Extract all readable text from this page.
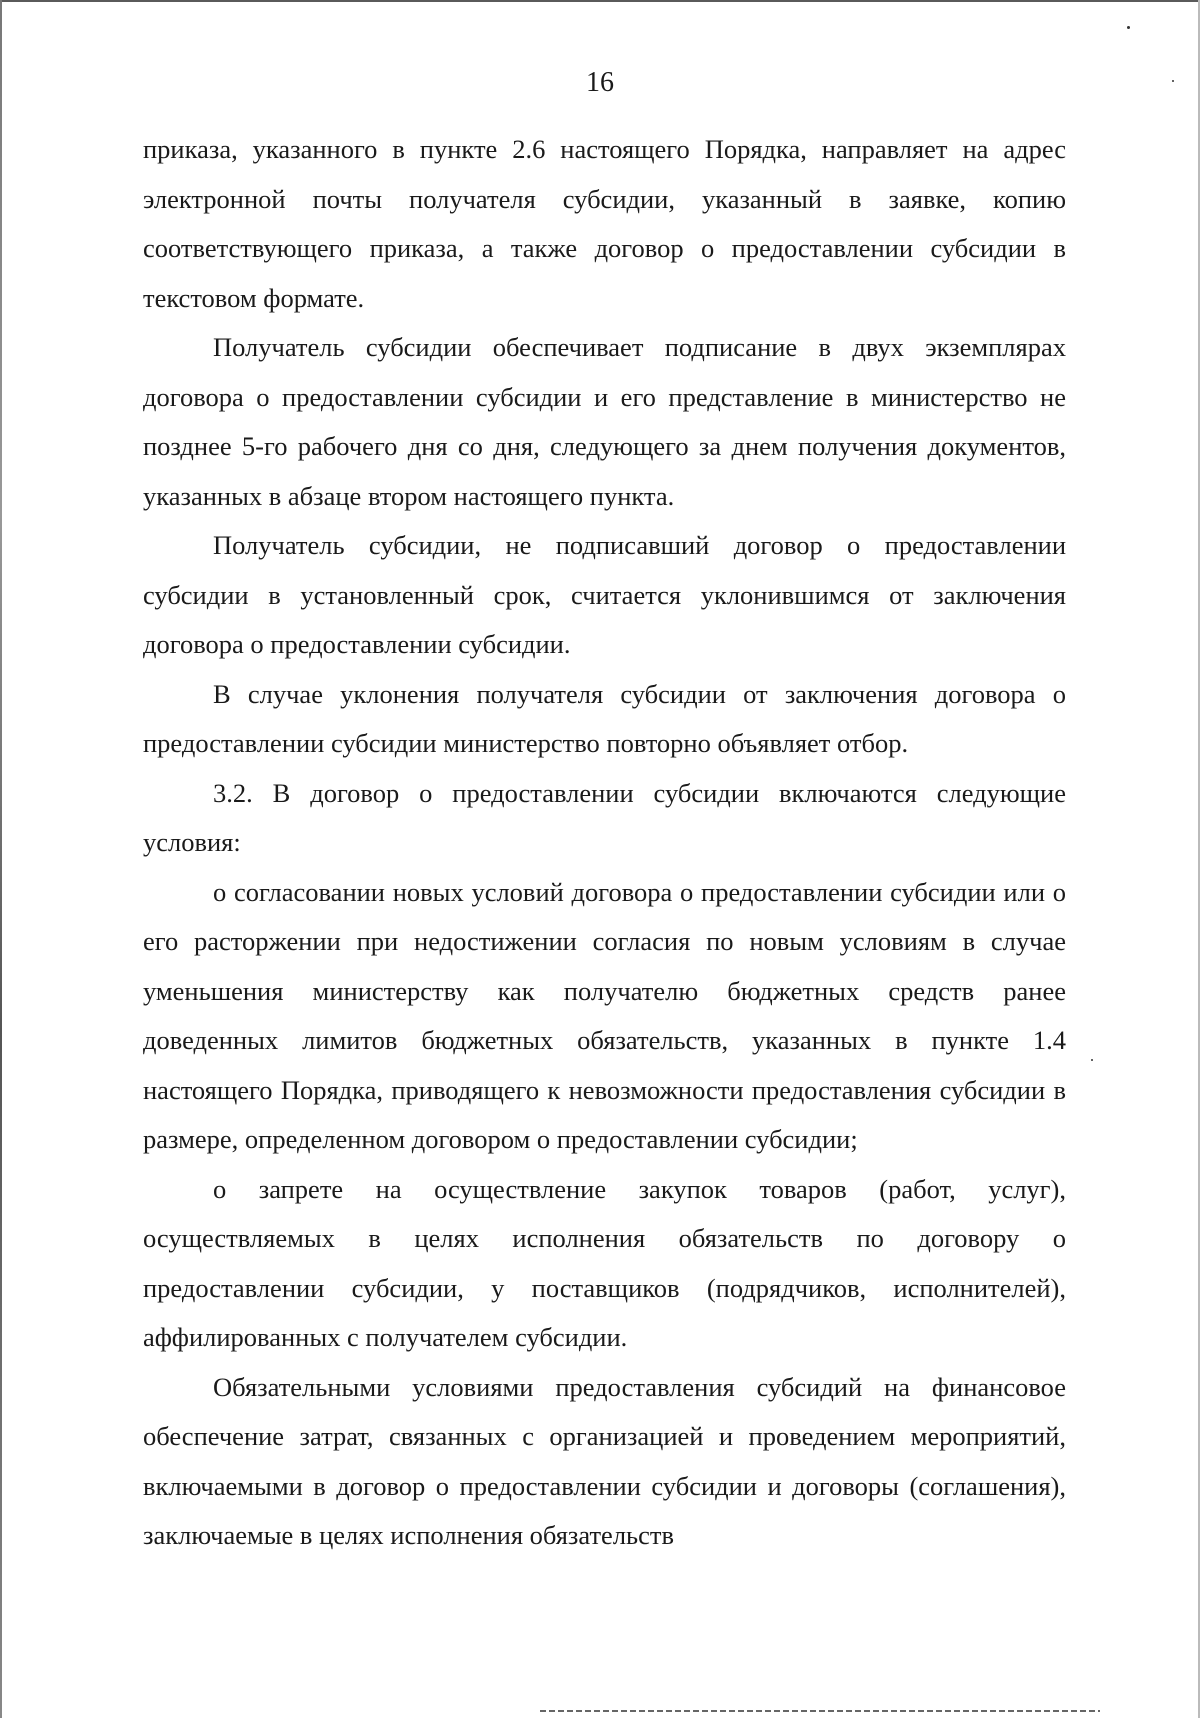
16

приказа, указанного в пункте 2.6 настоящего Порядка, направляет на адрес электронной почты получателя субсидии, указанный в заявке, копию соответствующего приказа, а также договор о предоставлении субсидии в текстовом формате.

Получатель субсидии обеспечивает подписание в двух экземплярах договора о предоставлении субсидии и его представление в министерство не позднее 5-го рабочего дня со дня, следующего за днем получения документов, указанных в абзаце втором настоящего пункта.

Получатель субсидии, не подписавший договор о предоставлении субсидии в установленный срок, считается уклонившимся от заключения договора о предоставлении субсидии.

В случае уклонения получателя субсидии от заключения договора о предоставлении субсидии министерство повторно объявляет отбор.

3.2. В договор о предоставлении субсидии включаются следующие условия:

о согласовании новых условий договора о предоставлении субсидии или о его расторжении при недостижении согласия по новым условиям в случае уменьшения министерству как получателю бюджетных средств ранее доведенных лимитов бюджетных обязательств, указанных в пункте 1.4 настоящего Порядка, приводящего к невозможности предоставления субсидии в размере, определенном договором о предоставлении субсидии;

о запрете на осуществление закупок товаров (работ, услуг), осуществляемых в целях исполнения обязательств по договору о предоставлении субсидии, у поставщиков (подрядчиков, исполнителей), аффилированных с получателем субсидии.

Обязательными условиями предоставления субсидий на финансовое обеспечение затрат, связанных с организацией и проведением мероприятий, включаемыми в договор о предоставлении субсидии и договоры (соглашения), заключаемые в целях исполнения обязательств
